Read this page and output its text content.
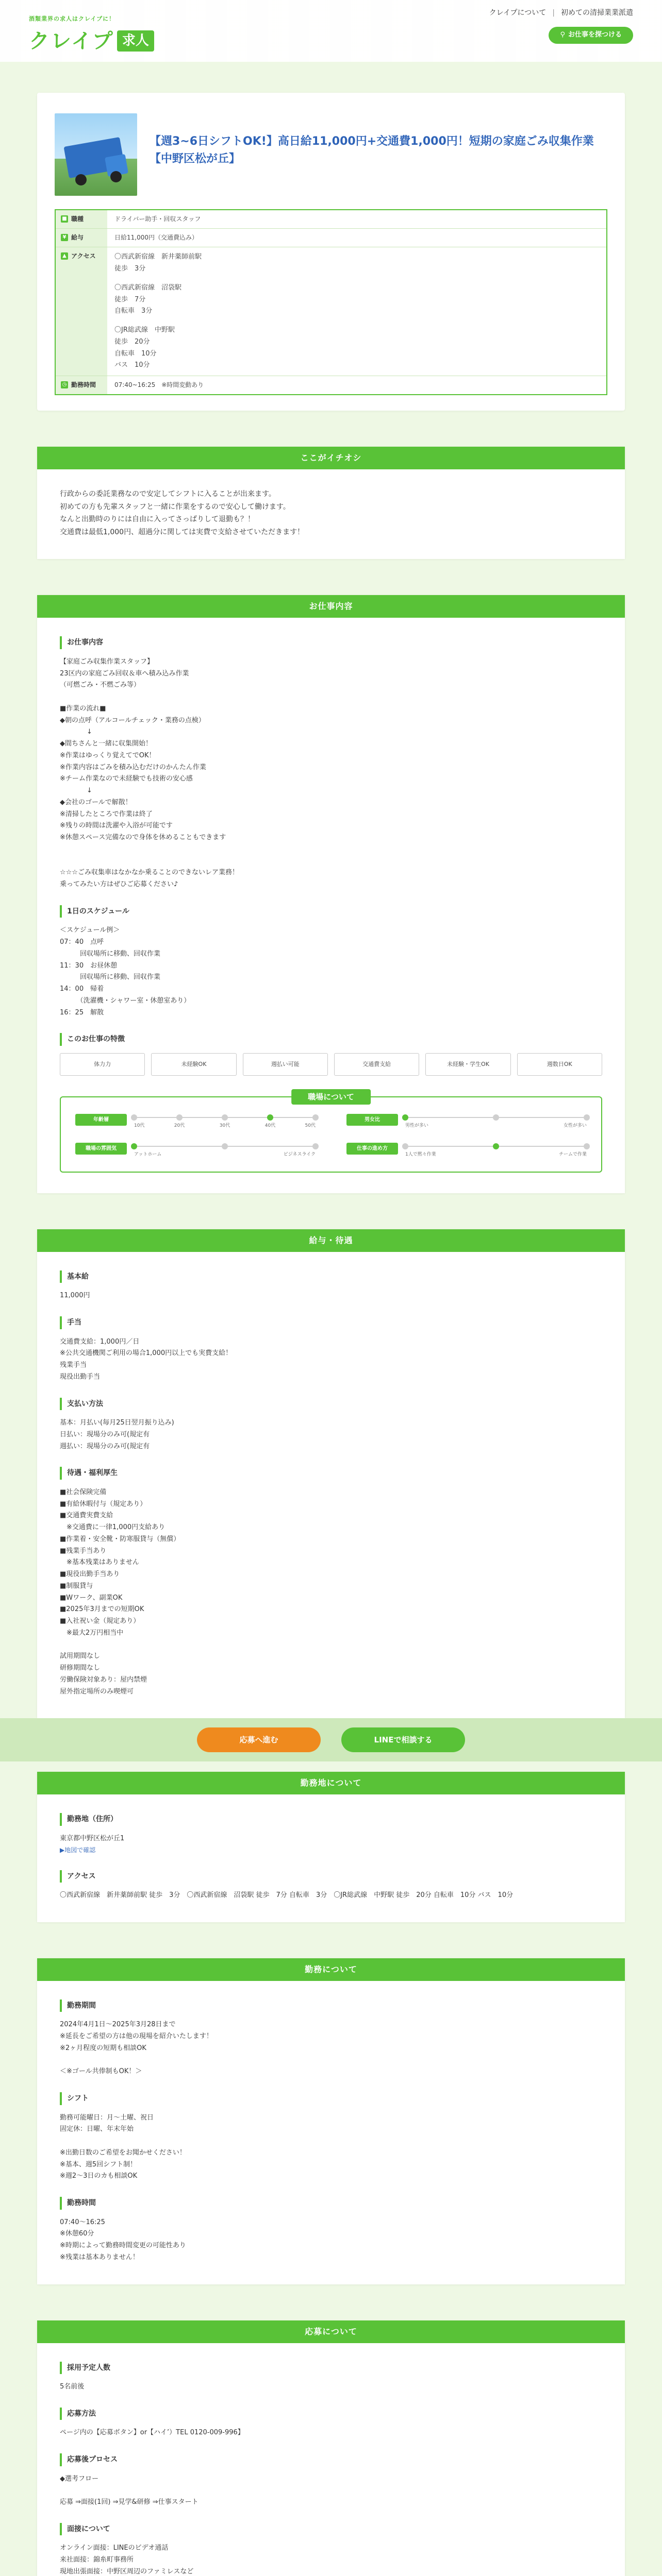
酒類業界の求人はクレイプに！
クレイプ 求人
クレイプについて | 初めての清掃業業派遣
⚲ お仕事を探つける
【週3~6日シフトOK!】高日給11,000円+交通費1,000円！短期の家庭ごみ収集作業【中野区松が丘】
■ 職種	ドライバー助手・回収スタッフ
¥ 給与	日給11,000円（交通費込み）
▲ アクセス	〇西武新宿線　新井薬師前駅
徒歩　3分
〇西武新宿線　沼袋駅
徒歩　7分
自転車　3分
〇JR総武線　中野駅
徒歩　20分
自転車　10分
バス　10分
◷ 勤務時間	07:40~16:25　※時間変動あり
ここがイチオシ

行政からの委託業務なので安定してシフトに入ることが出来ます。

初めての方も先輩スタッフと一緒に作業をするので安心して働けます。

なんと出勤時のりには自由に入ってさっぱりして退勤も？！

交通費は最低1,000円、超過分に関しては実費で支給させていただきます！

お仕事内容
お仕事内容
【家庭ごみ収集作業スタッフ】
23区内の家庭ごみ回収＆車へ積み込み作業
（可燃ごみ・不燃ごみ等）

■作業の流れ■
◆朝の点呼（アルコールチェック・業務の点検）
　　　　↓
◆間ちさんと一緒に収集開始！
※作業はゆっくり覚えてでOK！
※作業内容はごみを積み込むだけのかんたん作業
※チーム作業なので未経験でも技術の安心感
　　　　↓
◆会社のゴールで解散！
※清掃したところで作業は終了
※残りの時間は洗濯や入浴が可能です
※休憩スペース完備なので身体を休めることもできます

☆☆☆ごみ収集車はなかなか乗ることのできないレア業務！
乗ってみたい方はぜひご応募ください♪
1日のスケジュール
＜スケジュール例＞
07：40　点呼
　　　回収場所に移動、回収作業
11：30　お昼休憩
　　　回収場所に移動、回収作業
14：00　帰着
　　　（洗濯機・シャワー室・休憩室あり）
16：25　解散
このお仕事の特徴
体力力	未経験OK	週払い可能	交通費支給	未経験・学生OK	週数日OK
職場について
年齢層
10代	20代	30代	40代	50代
男女比
男性が多い	女性が多い
職場の雰囲気
アットホーム	ビジネスライク
仕事の進め方
1人で黙々作業	チームで作業
給与・待遇
基本給
11,000円
手当
交通費支給：1,000円／日
※公共交通機関ご利用の場合1,000円以上でも実費支給！
残業手当
現役出勤手当
支払い方法
基本：月払い(毎月25日翌月振り込み)
日払い：現場分のみ可(規定有
週払い：現場分のみ可(規定有
待遇・福利厚生
■社会保険完備
■有給休暇付与（規定あり）
■交通費実費支給
　※交通費に一律1,000円支給あり
■作業着・安全靴・防寒服貸与（無償）
■残業手当あり
　※基本残業はありません
■現役出勤手当あり
■制服貸与
■Wワーク、副業OK
■2025年3月までの短期OK
■入社祝い金（規定あり）
　※最大2万円相当中

試用期間なし
研修期間なし
労働保険対象あり：屋内禁煙
屋外指定場所のみ喫煙可
応募へ進む	LINEで相談する
勤務地について
勤務地（住所）
東京都中野区松が丘1
▶地図で確認
アクセス
〇西武新宿線　新井薬師前駅 徒歩　3分　〇西武新宿線　沼袋駅 徒歩　7分 自転車　3分　〇JR総武線　中野駅 徒歩　20分 自転車　10分 バス　10分
勤務について
勤務期間
2024年4月1日〜2025年3月28日まで
※延長をご希望の方は他の現場を紹介いたします！
※2ヶ月程度の短期も相談OK

＜※ゴール共俸制もOK！＞
シフト
勤務可能曜日：月〜土曜、祝日
固定休：日曜、年末年始

※出勤日数のご希望をお聞かせください！
※基本、週5回シフト制！
※週2〜3日のカも相談OK
勤務時間
07:40〜16:25
※休憩60分
※時期によって勤務時間変更の可能性あり
※残業は基本ありません！
応募について
採用予定人数
5名前後
応募方法
ページ内の【応募ボタン】or【ハイ’）TEL 0120-009-996】
応募後プロセス
◆選考フロー

応募 ⇒面接(1回) ⇒見学&研修 ⇒仕事スタート
面接について
オンライン面接：LINEのビデオ通話
来社面接：錦糸町事務所
現地出張面接：中野区周辺のファミレスなど
